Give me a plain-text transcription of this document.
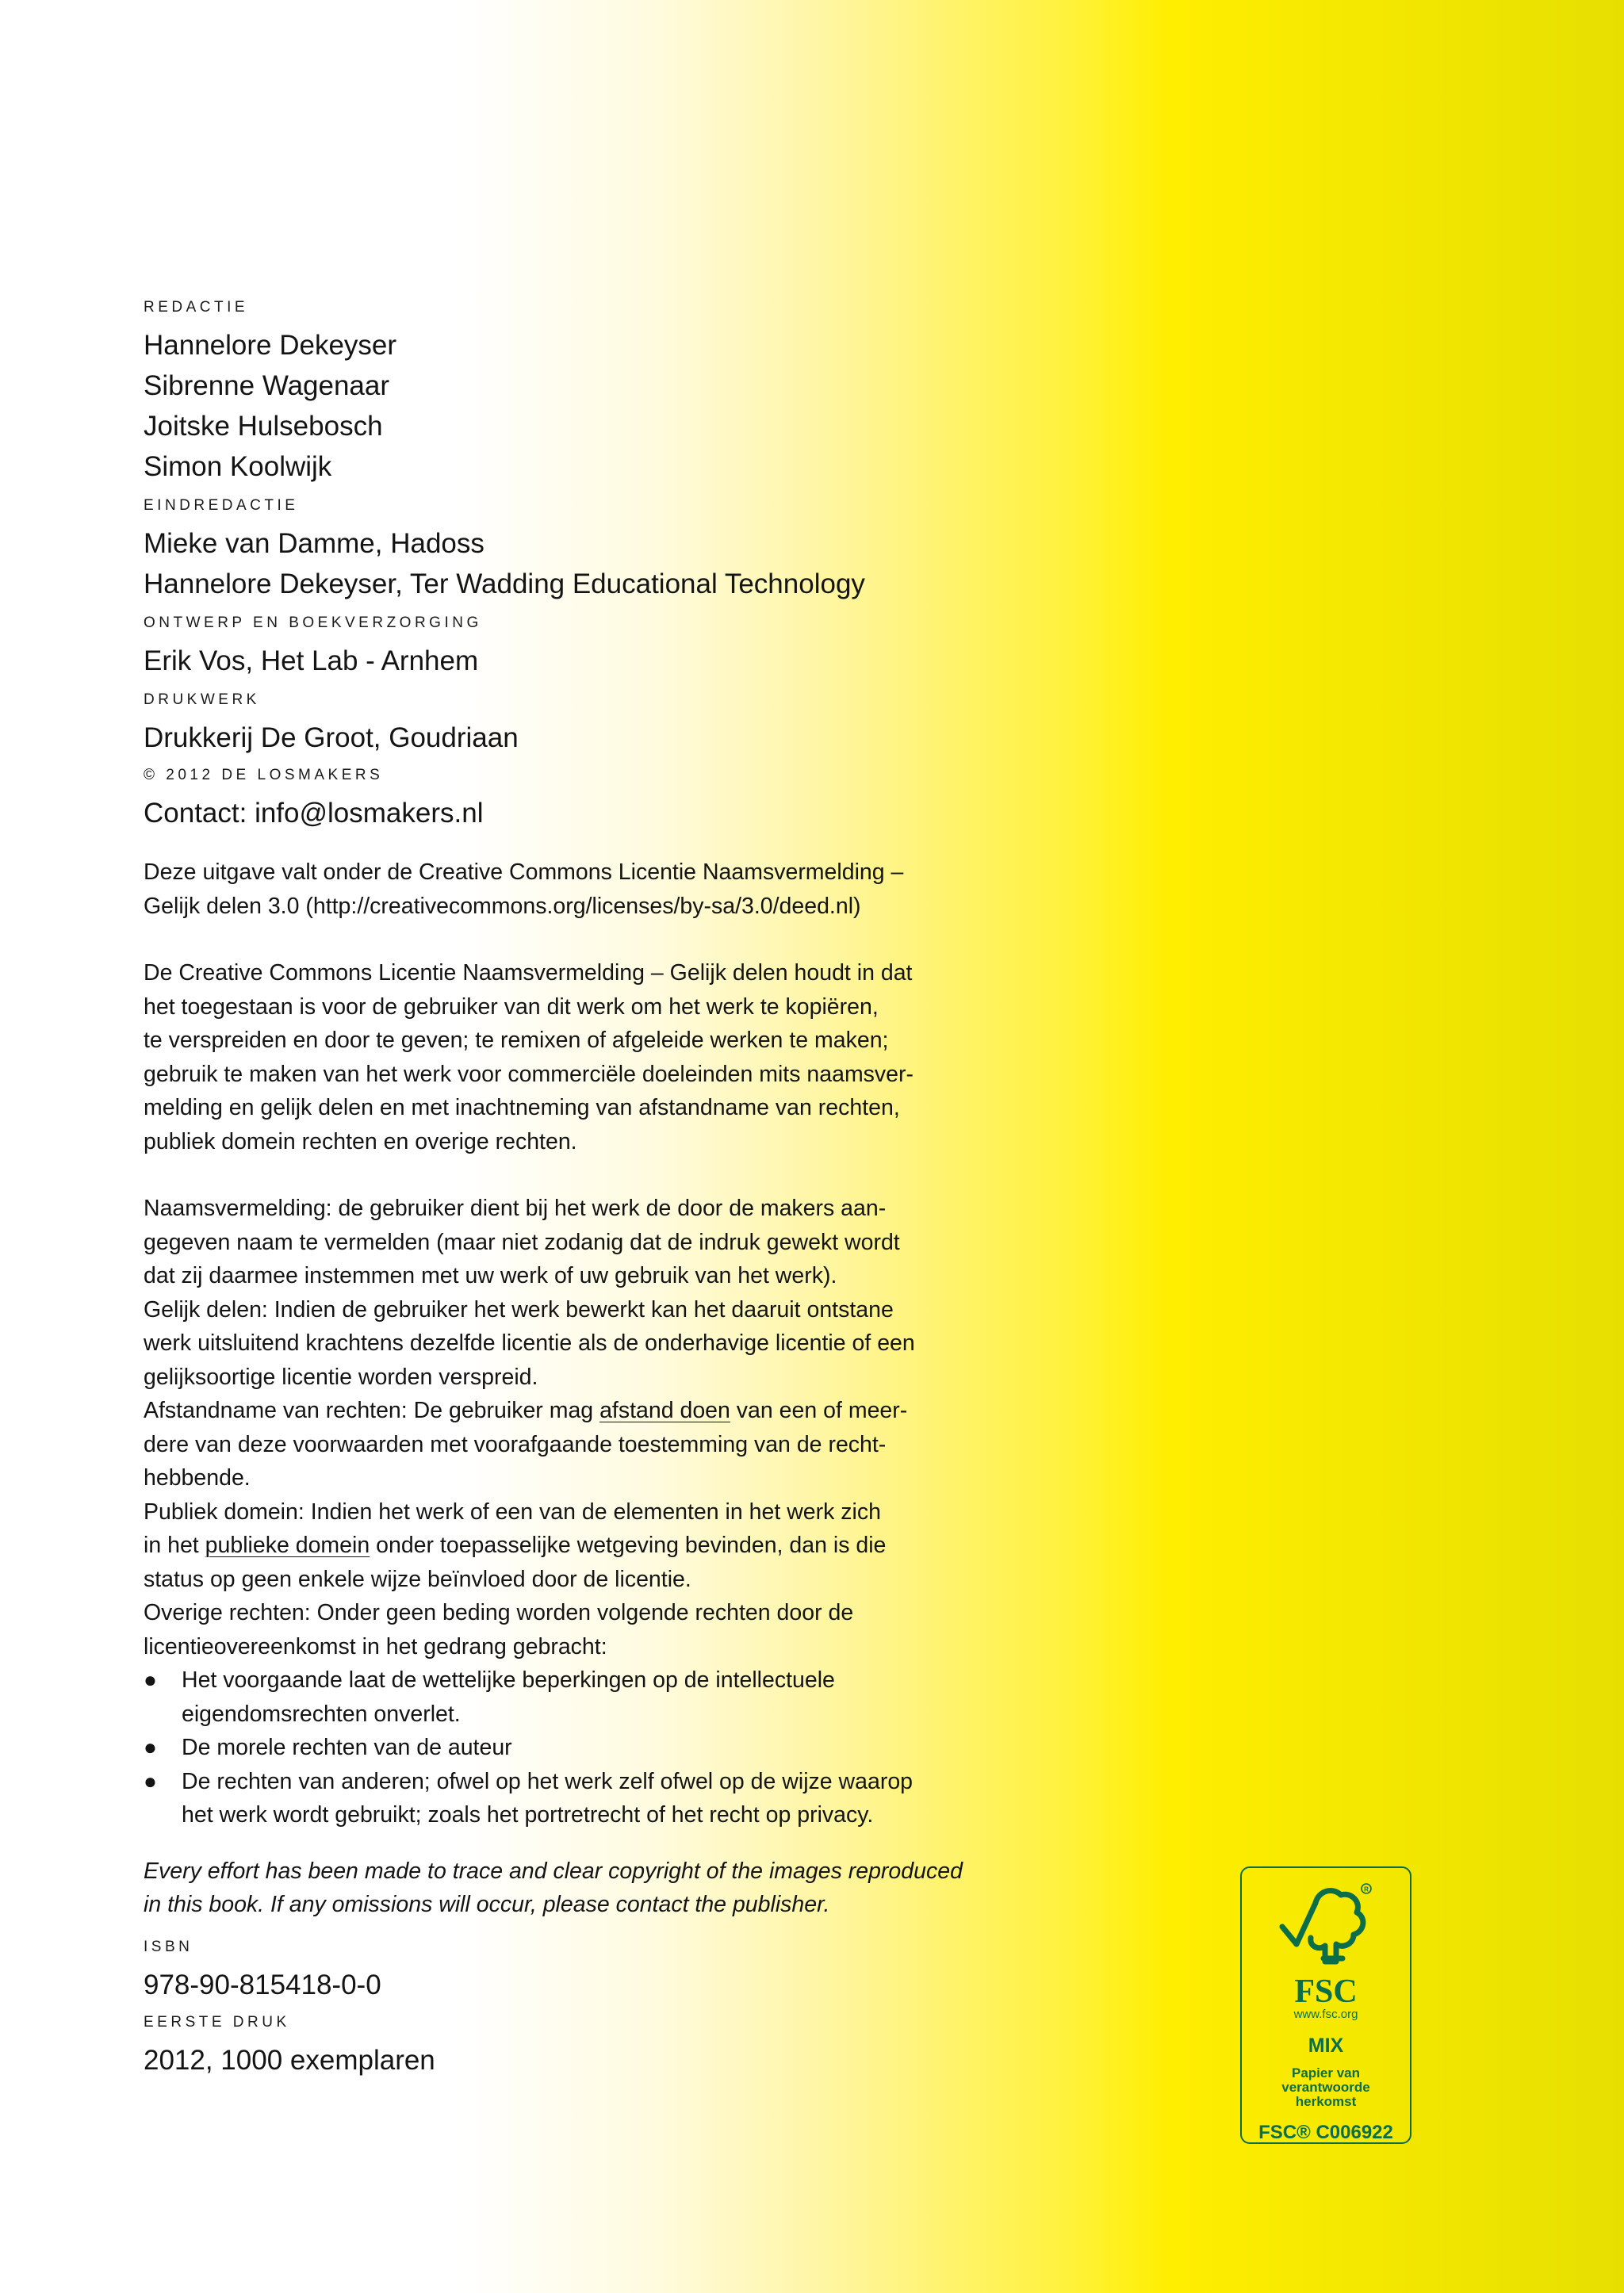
REDACTIE

Hannelore Dekeyser

Sibrenne Wagenaar

Joitske Hulsebosch

Simon Koolwijk

EINDREDACTIE

Mieke van Damme, Hadoss

Hannelore Dekeyser, Ter Wadding Educational Technology

ONTWERP EN BOEKVERZORGING

Erik Vos, Het Lab - Arnhem

DRUKWERK

Drukkerij De Groot, Goudriaan

© 2012 DE LOSMAKERS

Contact: info@losmakers.nl

Deze uitgave valt onder de Creative Commons Licentie Naamsvermelding –

Gelijk delen 3.0 (http://creativecommons.org/licenses/by-sa/3.0/deed.nl)

De Creative Commons Licentie Naamsvermelding – Gelijk delen houdt in dat

het toegestaan is voor de gebruiker van dit werk om het werk te kopiëren,

te verspreiden en door te geven; te remixen of afgeleide werken te maken;

gebruik te maken van het werk voor commerciële doeleinden mits naamsver-

melding en gelijk delen en met inachtneming van afstandname van rechten,

publiek domein rechten en overige rechten.

Naamsvermelding: de gebruiker dient bij het werk de door de makers aan-

gegeven naam te vermelden (maar niet zodanig dat de indruk gewekt wordt

dat zij daarmee instemmen met uw werk of uw gebruik van het werk).

Gelijk delen: Indien de gebruiker het werk bewerkt kan het daaruit ontstane

werk uitsluitend krachtens dezelfde licentie als de onderhavige licentie of een

gelijksoortige licentie worden verspreid.

Afstandname van rechten: De gebruiker mag afstand doen van een of meer-

dere van deze voorwaarden met voorafgaande toestemming van de recht-

hebbende.

Publiek domein: Indien het werk of een van de elementen in het werk zich

in het publieke domein onder toepasselijke wetgeving bevinden, dan is die

status op geen enkele wijze beïnvloed door de licentie.

Overige rechten: Onder geen beding worden volgende rechten door de

licentieovereenkomst in het gedrang gebracht:

● Het voorgaande laat de wettelijke beperkingen op de intellectuele
eigendomsrechten onverlet.
● De morele rechten van de auteur
● De rechten van anderen; ofwel op het werk zelf ofwel op de wijze waarop
het werk wordt gebruikt; zoals het portretrecht of het recht op privacy.

Every effort has been made to trace and clear copyright of the images reproduced

in this book. If any omissions will occur, please contact the publisher.

ISBN

978-90-815418-0-0

EERSTE DRUK

2012, 1000 exemplaren

R
FSC
www.fsc.org
MIX
Papier van
verantwoorde
herkomst
FSC® C006922
